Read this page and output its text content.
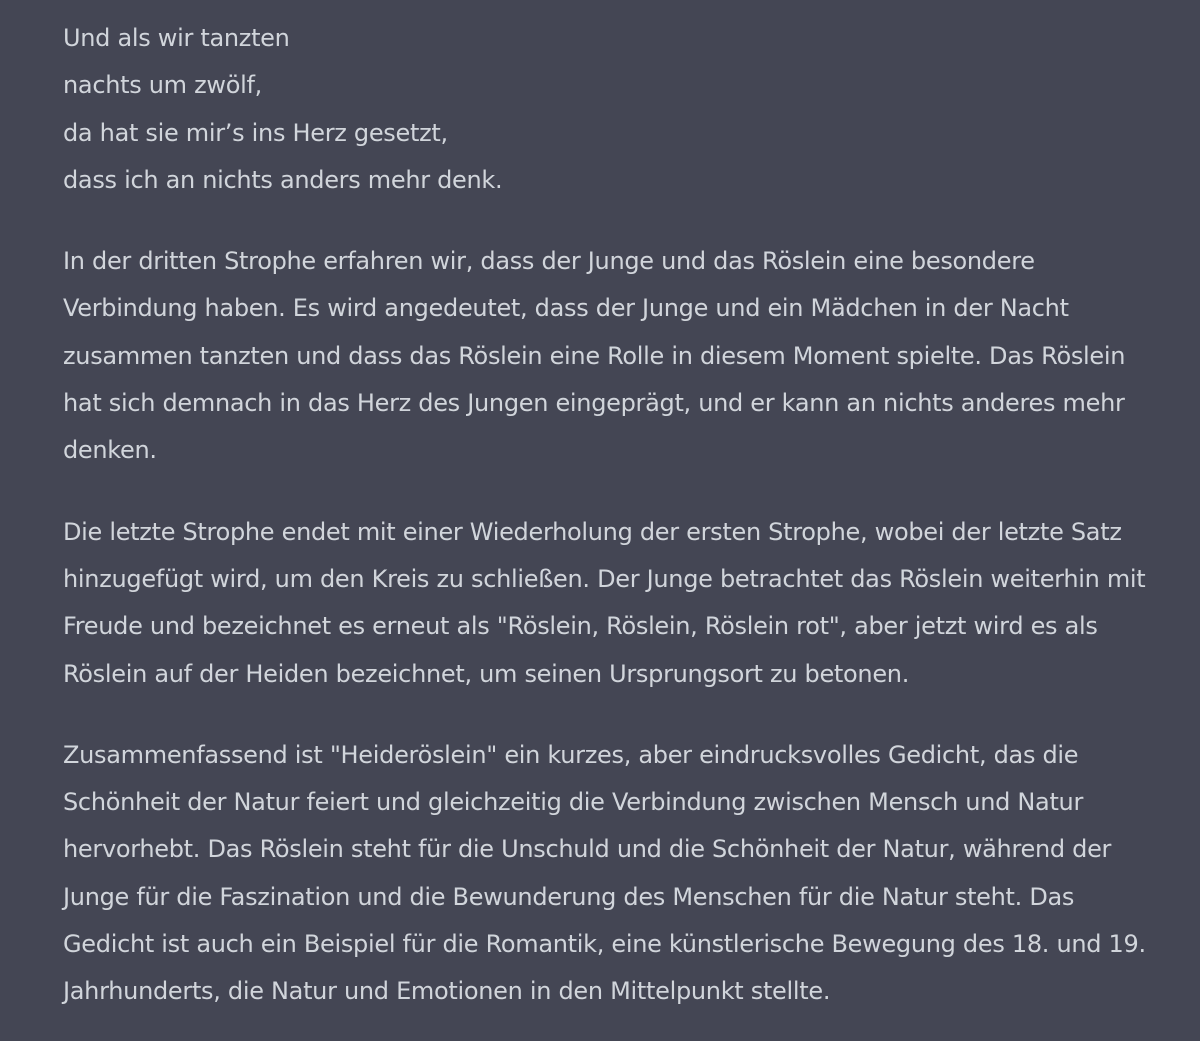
Und als wir tanzten
nachts um zwölf,
da hat sie mir’s ins Herz gesetzt,
dass ich an nichts anders mehr denk.

In der dritten Strophe erfahren wir, dass der Junge und das Röslein eine besondere
Verbindung haben. Es wird angedeutet, dass der Junge und ein Mädchen in der Nacht
zusammen tanzten und dass das Röslein eine Rolle in diesem Moment spielte. Das Röslein
hat sich demnach in das Herz des Jungen eingeprägt, und er kann an nichts anderes mehr
denken.

Die letzte Strophe endet mit einer Wiederholung der ersten Strophe, wobei der letzte Satz
hinzugefügt wird, um den Kreis zu schließen. Der Junge betrachtet das Röslein weiterhin mit
Freude und bezeichnet es erneut als "Röslein, Röslein, Röslein rot", aber jetzt wird es als
Röslein auf der Heiden bezeichnet, um seinen Ursprungsort zu betonen.

Zusammenfassend ist "Heideröslein" ein kurzes, aber eindrucksvolles Gedicht, das die
Schönheit der Natur feiert und gleichzeitig die Verbindung zwischen Mensch und Natur
hervorhebt. Das Röslein steht für die Unschuld und die Schönheit der Natur, während der
Junge für die Faszination und die Bewunderung des Menschen für die Natur steht. Das
Gedicht ist auch ein Beispiel für die Romantik, eine künstlerische Bewegung des 18. und 19.
Jahrhunderts, die Natur und Emotionen in den Mittelpunkt stellte.
